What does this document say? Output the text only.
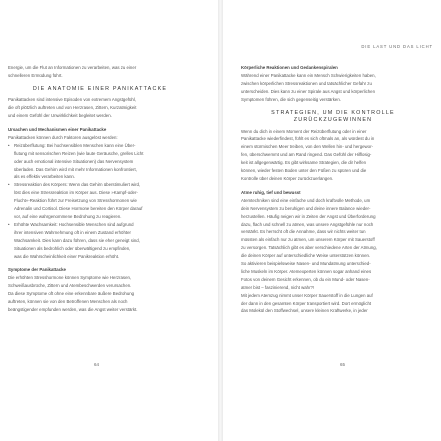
Energie, um die Flut an Informationen zu verarbeiten, was zu einer

schnelleren Ermüdung führt.

DIE ANATOMIE EINER PANIKATTACKE

Panikattacken sind intensive Episoden von extremem Angstgefühl,

die oft plötzlich auftreten und von Herzrasen, Zittern, Kurzatmigkeit

und einem Gefühl der Unwirklichkeit begleitet werden.

Ursachen und Mechanismen einer Panikattacke

Panikattacken können durch Faktoren ausgelöst werden:

• Reizüberflutung: Bei hochsensiblen Menschen kann eine Über-

flutung mit sensorischen Reizen (wie laute Geräusche, grelles Licht

oder auch emotional intensive Situationen) das Nervensystem

überladen. Das Gehirn wird mit mehr Informationen konfrontiert,

als es effektiv verarbeiten kann.

• Stressreaktion des Körpers: Wenn das Gehirn überstimuliert wird,

löst dies eine Stressreaktion im Körper aus. Diese »Kampf-oder-

Flucht«-Reaktion führt zur Freisetzung von Stresshormonen wie

Adrenalin und Cortisol. Diese Hormone bereiten den Körper darauf

vor, auf eine wahrgenommene Bedrohung zu reagieren.

• Erhöhte Wachsamkeit: Hochsensible Menschen sind aufgrund

ihrer intensiven Wahrnehmung oft in einem Zustand erhöhter

Wachsamkeit. Dies kann dazu führen, dass sie eher geneigt sind,

Situationen als bedrohlich oder überwältigend zu empfinden,

was die Wahrscheinlichkeit einer Panikreaktion erhöht.

Symptome der Panikattacke

Die erhöhten Stresshormone können Symptome wie Herzrasen,

Schweißausbrüche, Zittern und Atembeschwerden verursachen.

Da diese Symptome oft ohne eine erkennbare äußere Bedrohung

auftreten, können sie von den Betroffenen Menschen als noch

beängstigender empfunden werden, was die Angst weiter verstärkt.

64
DIE LAST UND DAS LICHT
Körperliche Reaktionen und Gedankenspiralen

Während einer Panikattacke kann ein Mensch Schwierigkeiten haben,

zwischen körperlichen Stressreaktionen und tatsächlicher Gefahr zu

unterscheiden. Dies kann zu einer Spirale aus Angst und körperlichen

Symptomen führen, die sich gegenseitig verstärken.

STRATEGIEN, UM DIE KONTROLLE ZURÜCKZUGEWINNEN

Wenn du dich in einem Moment der Reizüberflutung oder in einer

Panikattacke wiederfindest, fühlt es sich oftmals an, als würdest du in

einem stürmischen Meer treiben, von den Wellen hin- und hergewor-

fen, überschwemmt und am Rand ringend. Das Gefühl der Hilflosig-

keit ist allgegenwärtig. Es gibt wirksame Strategien, die dir helfen

können, wieder festen Boden unter den Füßen zu spüren und die

Kontrolle über deinen Körper zurückzuerlangen.

Atme ruhig, tief und bewusst

Atemtechniken sind eine einfache und doch kraftvolle Methode, um

dein Nervensystem zu beruhigen und deine innere Balance wieder-

herzustellen. Häufig neigen wir in Zeiten der Angst und Überforderung

dazu, flach und schnell zu atmen, was unsere Angstgefühle nur noch

verstärkt. Es herrscht oft die Annahme, dass wir nichts weiter tun

müssten als einfach nur zu atmen, um unserem Körper mit Sauerstoff

zu versorgen. Tatsächlich gibt es aber verschiedene Arten der Atmung,

die deinen Körper auf unterschiedliche Weise unterstützen können.

So aktivieren beispielsweise Nasen- und Mundatmung unterschied-

liche Muskeln im Körper. Atemexperten können sogar anhand eines

Fotos von deinem Gesicht erkennen, ob du ein Mund- oder Nasen-

atmer bist – faszinierend, nicht wahr?!

Mit jedem Atemzug nimmt unser Körper Sauerstoff in die Lungen auf

der dann in den gesamten Körper transportiert wird. Dort ermöglicht

das Molekül den Stoffwechsel, unsere kleinen Kraftwerke, in jeder

65
